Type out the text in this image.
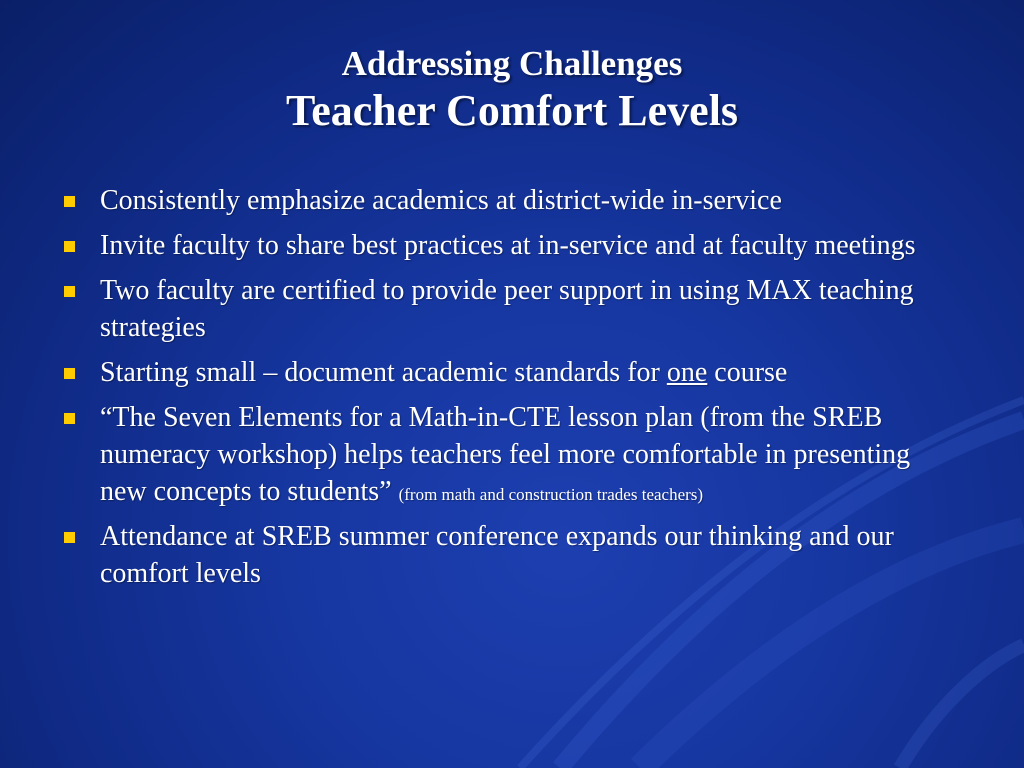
Addressing Challenges
Teacher Comfort Levels
Consistently emphasize academics at district-wide in-service
Invite faculty to share best practices at in-service and at faculty meetings
Two faculty are certified to provide peer support in using MAX teaching strategies
Starting small – document academic standards for one course
“The Seven Elements for a Math-in-CTE lesson plan (from the SREB numeracy workshop) helps teachers feel more comfortable in presenting new concepts to students” (from math and construction trades teachers)
Attendance at SREB summer conference expands our thinking and our comfort levels
